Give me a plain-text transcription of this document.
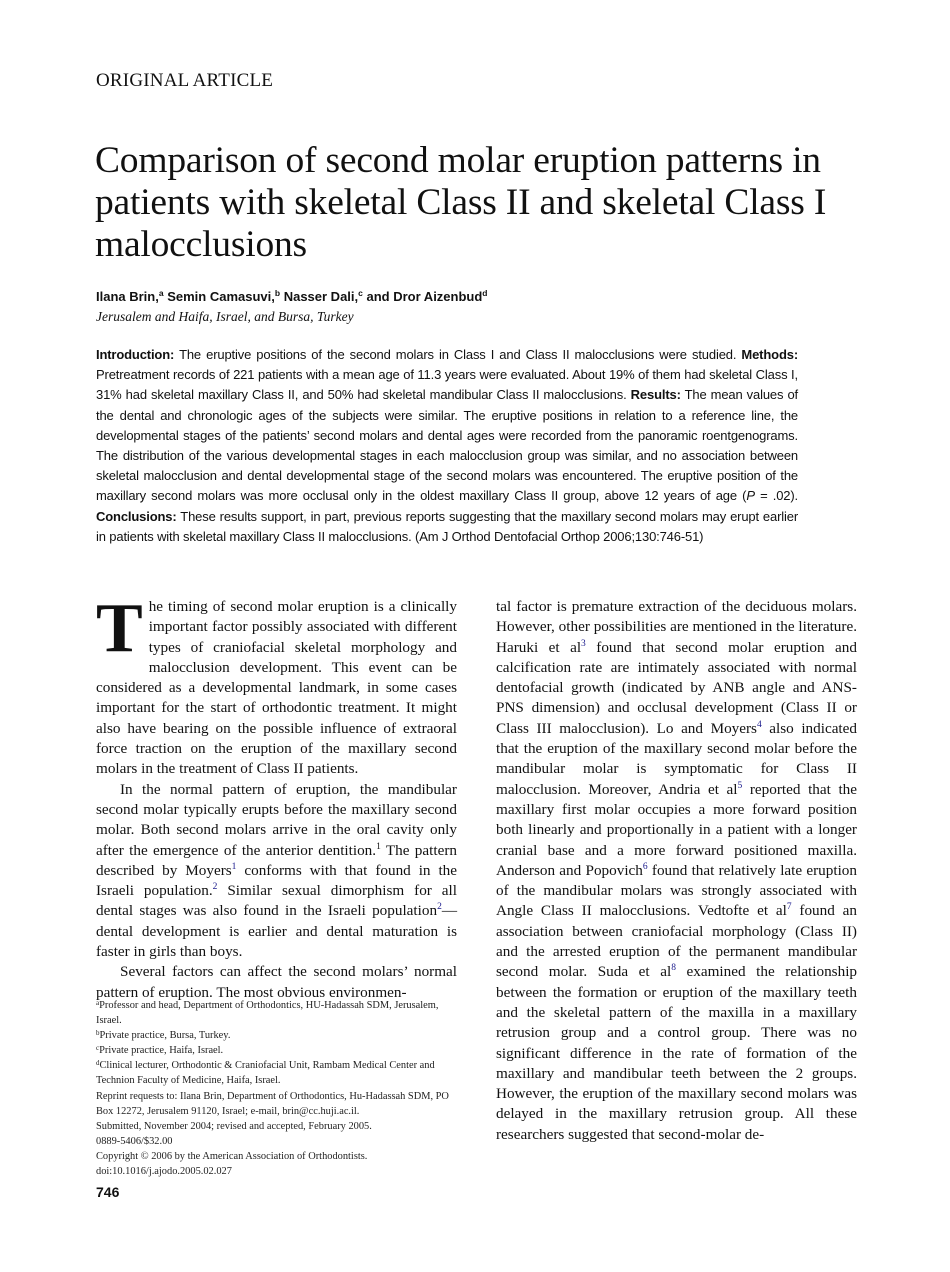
ORIGINAL ARTICLE
Comparison of second molar eruption patterns in patients with skeletal Class II and skeletal Class I malocclusions
Ilana Brin,$^a$ Semin Camasuvi,$^b$ Nasser Dali,$^c$ and Dror Aizenbud$^d$
Jerusalem and Haifa, Israel, and Bursa, Turkey
Introduction: The eruptive positions of the second molars in Class I and Class II malocclusions were studied. Methods: Pretreatment records of 221 patients with a mean age of 11.3 years were evaluated. About 19% of them had skeletal Class I, 31% had skeletal maxillary Class II, and 50% had skeletal mandibular Class II malocclusions. Results: The mean values of the dental and chronologic ages of the subjects were similar. The eruptive positions in relation to a reference line, the developmental stages of the patients’ second molars and dental ages were recorded from the panoramic roentgenograms. The distribution of the various developmental stages in each malocclusion group was similar, and no association between skeletal malocclusion and dental developmental stage of the second molars was encountered. The eruptive position of the maxillary second molars was more occlusal only in the oldest maxillary Class II group, above 12 years of age (P = .02). Conclusions: These results support, in part, previous reports suggesting that the maxillary second molars may erupt earlier in patients with skeletal maxillary Class II malocclusions. (Am J Orthod Dentofacial Orthop 2006;130:746-51)

The timing of second molar eruption is a clinically important factor possibly associated with different types of craniofacial skeletal morphology and malocclusion development. This event can be considered as a developmental landmark, in some cases important for the start of orthodontic treatment. It might also have bearing on the possible influence of extraoral force traction on the eruption of the maxillary second molars in the treatment of Class II patients.

In the normal pattern of eruption, the mandibular second molar typically erupts before the maxillary second molar. Both second molars arrive in the oral cavity only after the emergence of the anterior dentition.$^1$ The pattern described by Moyers$^1$ conforms with that found in the Israeli population.$^2$ Similar sexual dimorphism for all dental stages was also found in the Israeli population$^2$—dental development is earlier and dental maturation is faster in girls than boys.

Several factors can affect the second molars’ normal pattern of eruption. The most obvious environmen-

tal factor is premature extraction of the deciduous molars. However, other possibilities are mentioned in the literature. Haruki et al$^3$ found that second molar eruption and calcification rate are intimately associated with normal dentofacial growth (indicated by ANB angle and ANS-PNS dimension) and occlusal development (Class II or Class III malocclusion). Lo and Moyers$^4$ also indicated that the eruption of the maxillary second molar before the mandibular molar is symptomatic for Class II malocclusion. Moreover, Andria et al$^5$ reported that the maxillary first molar occupies a more forward position both linearly and proportionally in a patient with a longer cranial base and a more forward positioned maxilla. Anderson and Popovich$^6$ found that relatively late eruption of the mandibular molars was strongly associated with Angle Class II malocclusions. Vedtofte et al$^7$ found an association between craniofacial morphology (Class II) and the arrested eruption of the permanent mandibular second molar. Suda et al$^8$ examined the relationship between the formation or eruption of the maxillary teeth and the skeletal pattern of the maxilla in a maxillary retrusion group and a control group. There was no significant difference in the rate of formation of the maxillary and mandibular teeth between the 2 groups. However, the eruption of the maxillary second molars was delayed in the maxillary retrusion group. All these researchers suggested that second-molar de-

$^a$Professor and head, Department of Orthodontics, HU-Hadassah SDM, Jerusalem, Israel.
$^b$Private practice, Bursa, Turkey.
$^c$Private practice, Haifa, Israel.
$^d$Clinical lecturer, Orthodontic & Craniofacial Unit, Rambam Medical Center and Technion Faculty of Medicine, Haifa, Israel.
Reprint requests to: Ilana Brin, Department of Orthodontics, Hu-Hadassah SDM, PO Box 12272, Jerusalem 91120, Israel; e-mail, brin@cc.huji.ac.il.
Submitted, November 2004; revised and accepted, February 2005.
0889-5406/$32.00
Copyright © 2006 by the American Association of Orthodontists.
doi:10.1016/j.ajodo.2005.02.027
746
